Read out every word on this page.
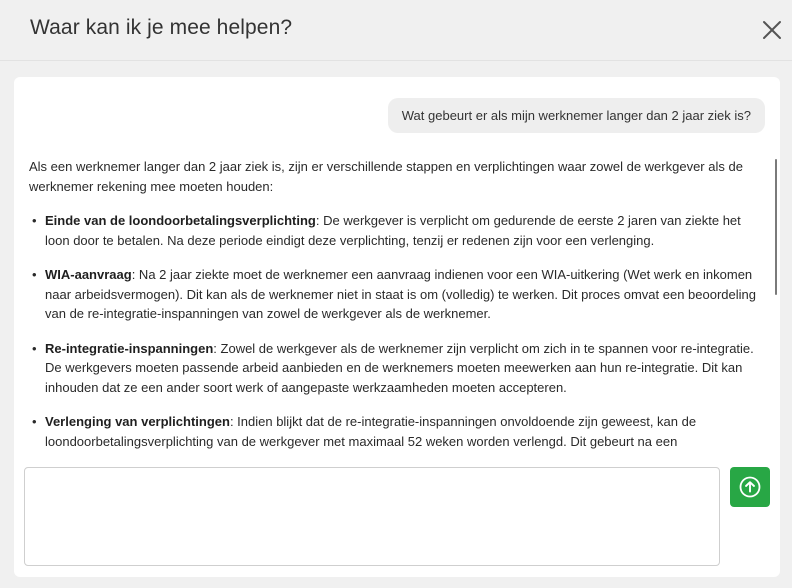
Waar kan ik je mee helpen?
Wat gebeurt er als mijn werknemer langer dan 2 jaar ziek is?

Als een werknemer langer dan 2 jaar ziek is, zijn er verschillende stappen en verplichtingen waar zowel de werkgever als de werknemer rekening mee moeten houden:

• Einde van de loondoorbetalingsverplichting: De werkgever is verplicht om gedurende de eerste 2 jaren van ziekte het loon door te betalen. Na deze periode eindigt deze verplichting, tenzij er redenen zijn voor een verlenging.
• WIA-aanvraag: Na 2 jaar ziekte moet de werknemer een aanvraag indienen voor een WIA-uitkering (Wet werk en inkomen naar arbeidsvermogen). Dit kan als de werknemer niet in staat is om (volledig) te werken. Dit proces omvat een beoordeling van de re-integratie-inspanningen van zowel de werkgever als de werknemer.
• Re-integratie-inspanningen: Zowel de werkgever als de werknemer zijn verplicht om zich in te spannen voor re-integratie. De werkgevers moeten passende arbeid aanbieden en de werknemers moeten meewerken aan hun re-integratie. Dit kan inhouden dat ze een ander soort werk of aangepaste werkzaamheden moeten accepteren.
• Verlenging van verplichtingen: Indien blijkt dat de re-integratie-inspanningen onvoldoende zijn geweest, kan de loondoorbetalingsverplichting van de werkgever met maximaal 52 weken worden verlengd. Dit gebeurt na een
